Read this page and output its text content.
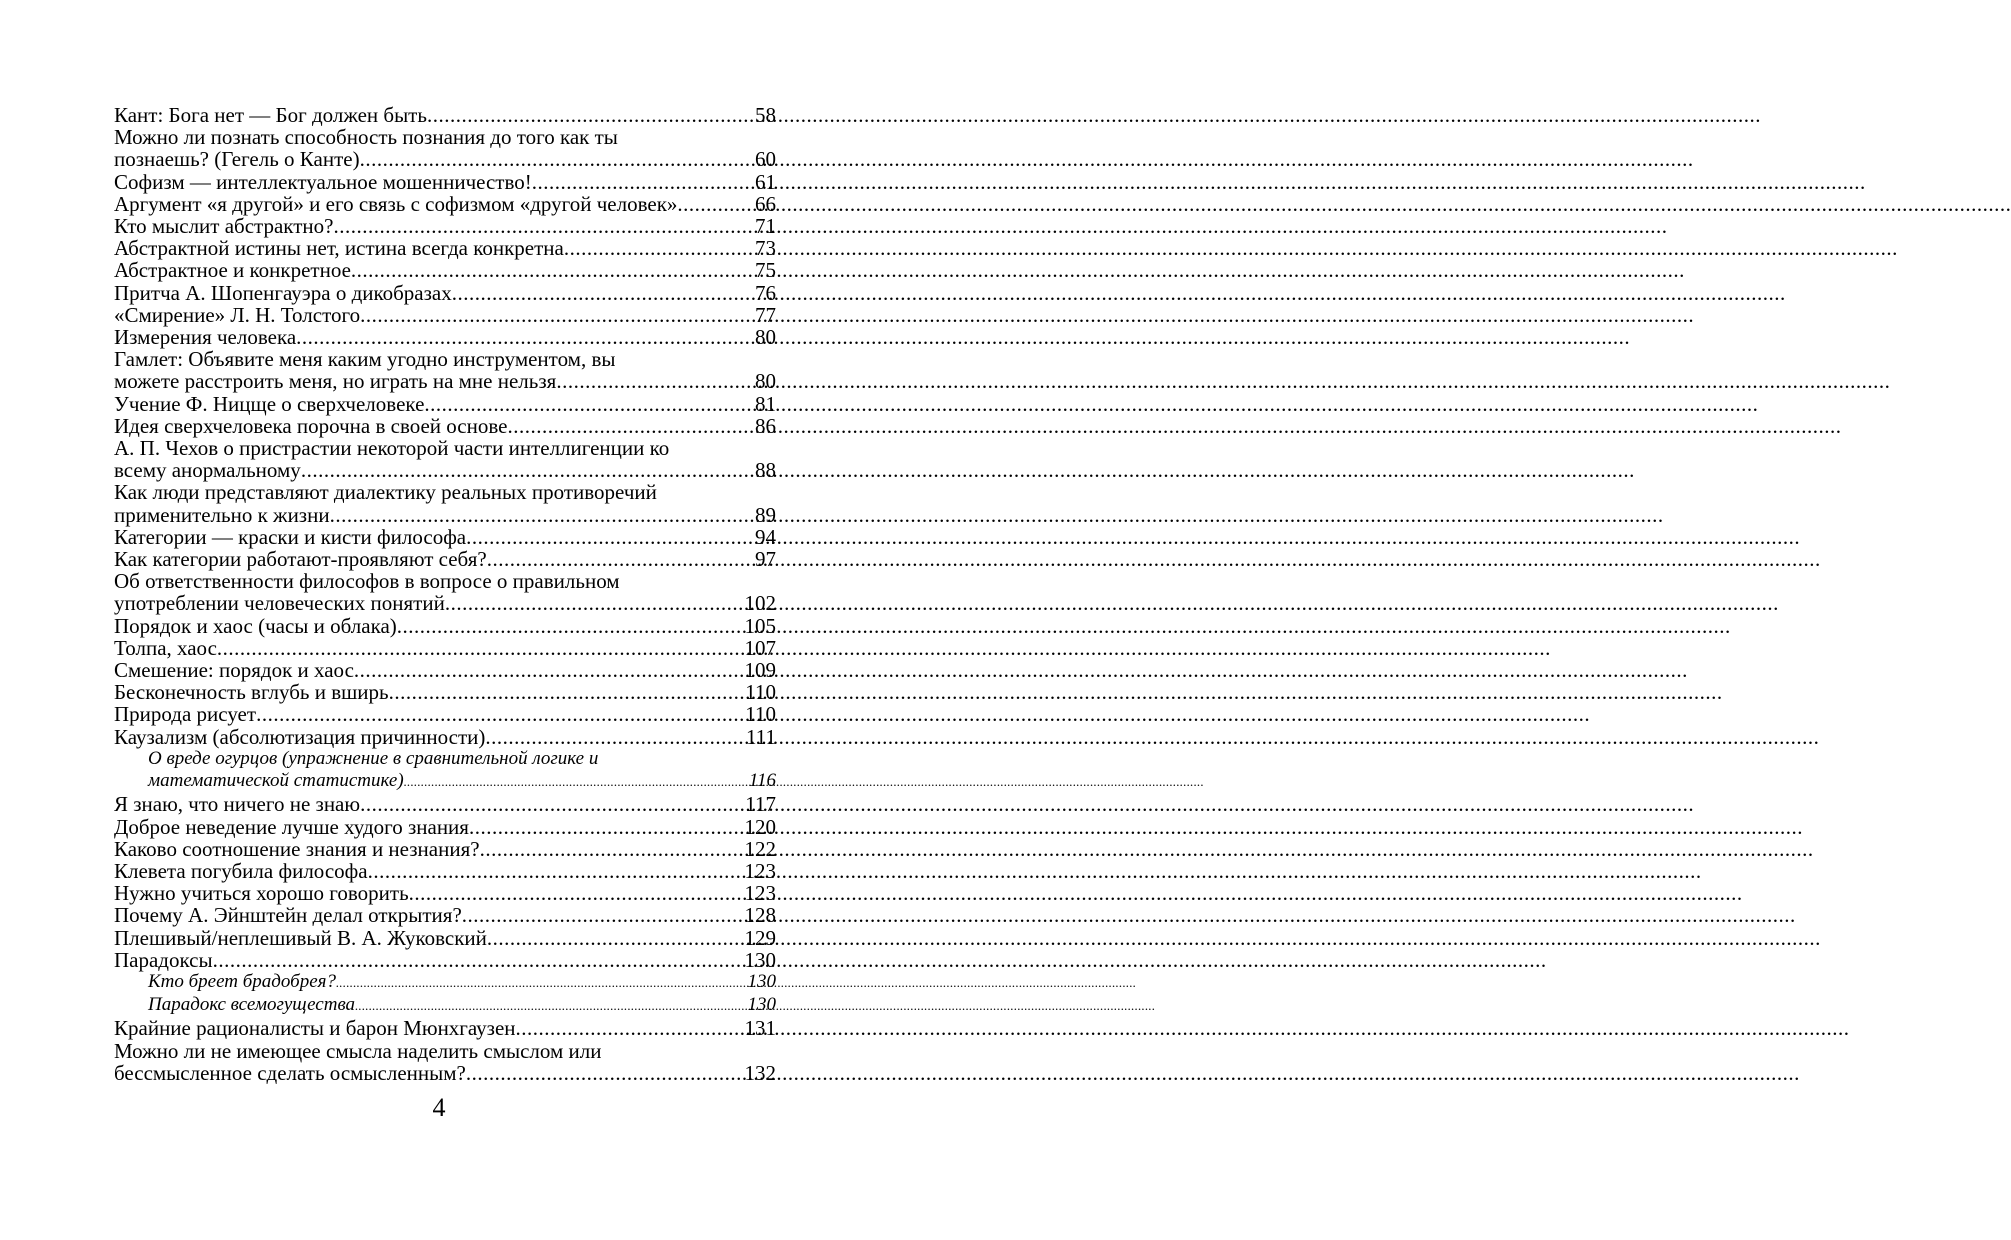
Кант: Бога нет — Бог должен быть .....	58
Можно ли познать способность познания до того как ты
познаешь? (Гегель о Канте) .....	60
Софизм — интеллектуальное мошенничество! .....	61
Аргумент «я другой» и его связь с софизмом «другой человек» .....	66
Кто мыслит абстрактно? .....	71
Абстрактной истины нет, истина всегда конкретна .....	73
Абстрактное и конкретное .....	75
Притча А. Шопенгауэра о дикобразах .....	76
«Смирение» Л. Н. Толстого .....	77
Измерения человека .....	80
Гамлет: Объявите меня каким угодно инструментом, вы
можете расстроить меня, но играть на мне нельзя .....	80
Учение Ф. Ницще о сверхчеловеке .....	81
Идея сверхчеловека порочна в своей основе .....	86
А. П. Чехов о пристрастии некоторой части интеллигенции ко
всему анормальному .....	88
Как люди представляют диалектику реальных противоречий
применительно к жизни .....	89
Категории — краски и кисти философа .....	94
Как категории работают-проявляют себя? .....	97
Об ответственности философов в вопросе о правильном
употреблении человеческих понятий .....	102
Порядок и хаос (часы и облака) .....	105
Толпа, хаос .....	107
Смешение: порядок и хаос .....	109
Бесконечность вглубь и вширь .....	110
Природа рисует .....	110
Каузализм (абсолютизация причинности) .....	111
О вреде огурцов (упражнение в сравнительной логике и
математической статистике) .....	116
Я знаю, что ничего не знаю .....	117
Доброе неведение лучше худого знания .....	120
Каково соотношение знания и незнания? .....	122
Клевета погубила философа .....	123
Нужно учиться хорошо говорить .....	123
Почему А. Эйнштейн делал открытия? .....	128
Плешивый/неплешивый В. А. Жуковский .....	129
Парадоксы .....	130
Кто бреет брадобрея? .....	130
Парадокс всемогущества .....	130
Крайние рационалисты и барон Мюнхгаузен .....	131
Можно ли не имеющее смысла наделить смыслом или
бессмысленное сделать осмысленным? .....	132
4
